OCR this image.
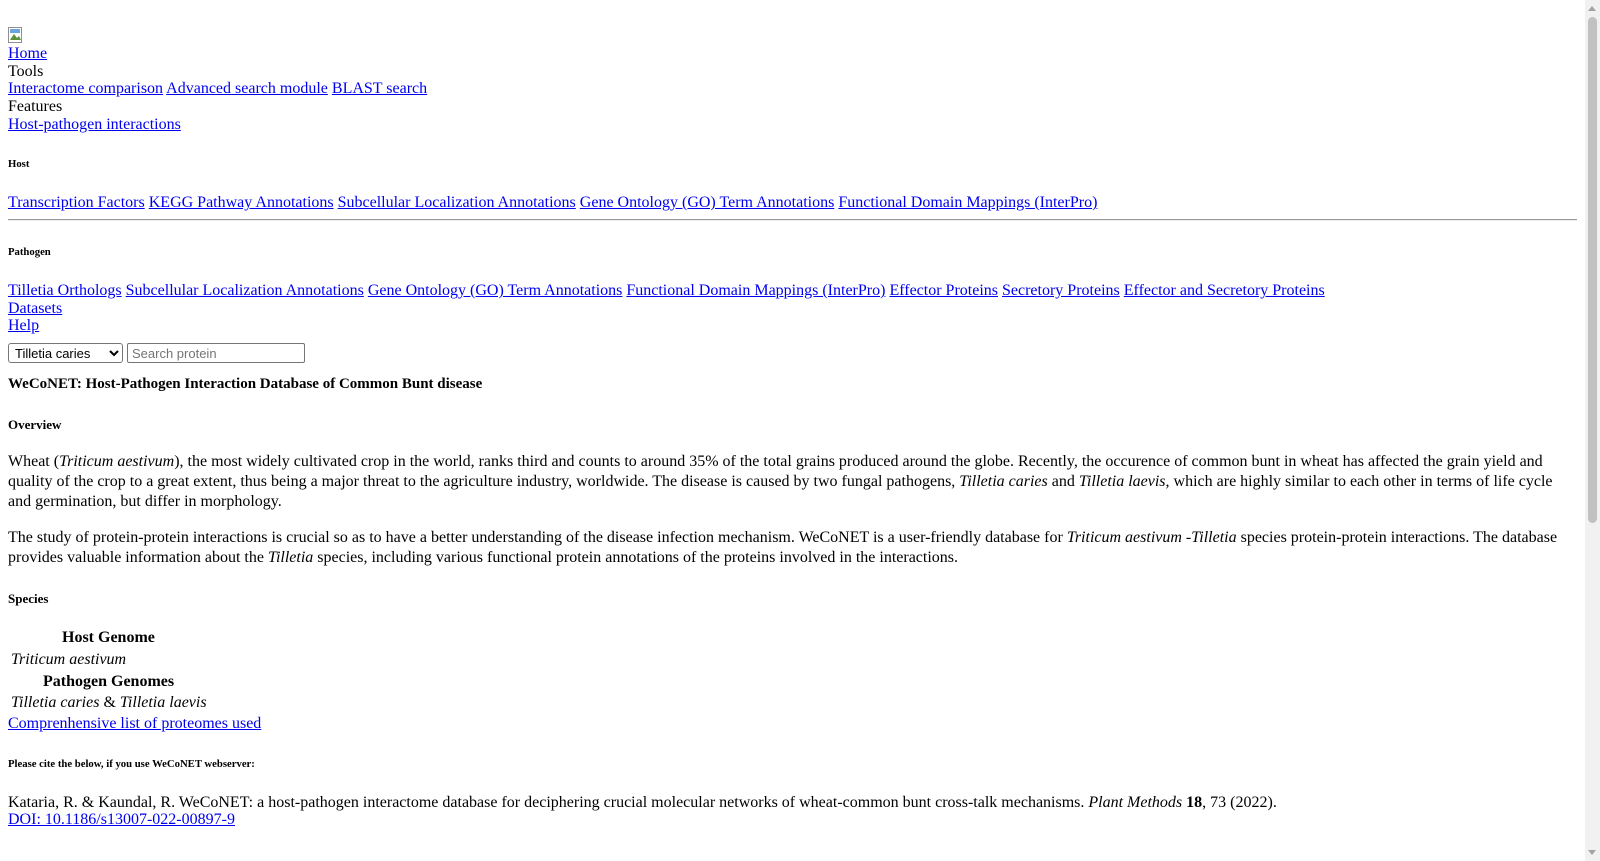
Home
Tools
Interactome comparison Advanced search module BLAST search
Features
Host-pathogen interactions
Host
Transcription Factors KEGG Pathway Annotations Subcellular Localization Annotations Gene Ontology (GO) Term Annotations Functional Domain Mappings (InterPro)
Pathogen
Tilletia Orthologs Subcellular Localization Annotations Gene Ontology (GO) Term Annotations Functional Domain Mappings (InterPro) Effector Proteins Secretory Proteins Effector and Secretory Proteins
Datasets
Help
Tilletia caries
Search protein
WeCoNET: Host-Pathogen Interaction Database of Common Bunt disease
Overview

Wheat (Triticum aestivum), the most widely cultivated crop in the world, ranks third and counts to around 35% of the total grains produced around the globe. Recently, the occurence of common bunt in wheat has affected the grain yield and quality of the crop to a great extent, thus being a major threat to the agriculture industry, worldwide. The disease is caused by two fungal pathogens, Tilletia caries and Tilletia laevis, which are highly similar to each other in terms of life cycle and germination, but differ in morphology.

The study of protein-protein interactions is crucial so as to have a better understanding of the disease infection mechanism. WeCoNET is a user-friendly database for Triticum aestivum -Tilletia species protein-protein interactions. The database provides valuable information about the Tilletia species, including various functional protein annotations of the proteins involved in the interactions.

Species
Host Genome
Triticum aestivum
Pathogen Genomes
Tilletia caries & Tilletia laevis
Comprenhensive list of proteomes used
Please cite the below, if you use WeCoNET webserver:
Kataria, R. & Kaundal, R. WeCoNET: a host-pathogen interactome database for deciphering crucial molecular networks of wheat-common bunt cross-talk mechanisms. Plant Methods 18, 73 (2022).
DOI: 10.1186/s13007-022-00897-9
